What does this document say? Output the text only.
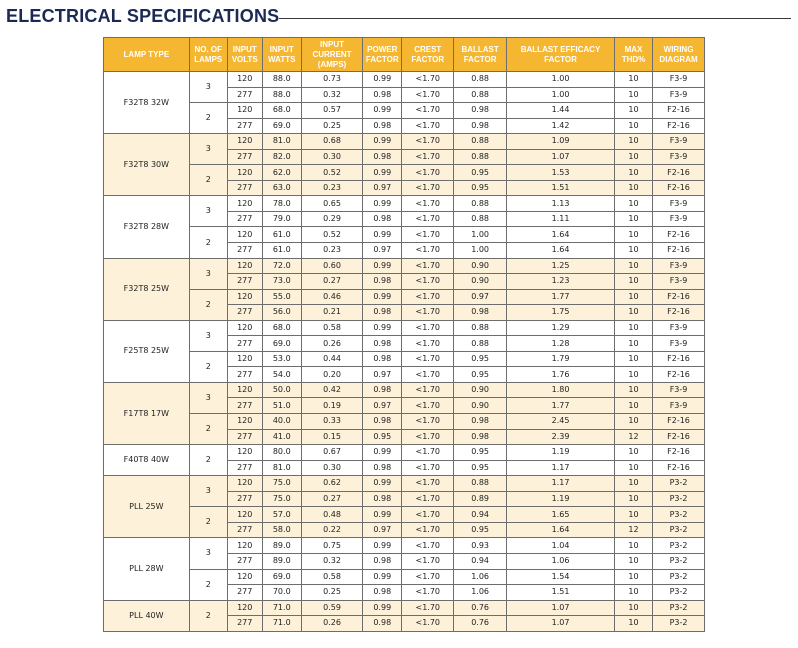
ELECTRICAL SPECIFICATIONS
LAMP TYPE	NO. OF LAMPS	INPUT VOLTS	INPUT WATTS	INPUT CURRENT (AMPS)	POWER FACTOR	CREST FACTOR	BALLAST FACTOR	BALLAST EFFICACY FACTOR	MAX THD%	WIRING DIAGRAM
F32T8 32W	3	120	88.0	0.73	0.99	<1.70	0.88	1.00	10	F3-9
		277	88.0	0.32	0.98	<1.70	0.88	1.00	10	F3-9
	2	120	68.0	0.57	0.99	<1.70	0.98	1.44	10	F2-16
		277	69.0	0.25	0.98	<1.70	0.98	1.42	10	F2-16
F32T8 30W	3	120	81.0	0.68	0.99	<1.70	0.88	1.09	10	F3-9
		277	82.0	0.30	0.98	<1.70	0.88	1.07	10	F3-9
	2	120	62.0	0.52	0.99	<1.70	0.95	1.53	10	F2-16
		277	63.0	0.23	0.97	<1.70	0.95	1.51	10	F2-16
F32T8 28W	3	120	78.0	0.65	0.99	<1.70	0.88	1.13	10	F3-9
		277	79.0	0.29	0.98	<1.70	0.88	1.11	10	F3-9
	2	120	61.0	0.52	0.99	<1.70	1.00	1.64	10	F2-16
		277	61.0	0.23	0.97	<1.70	1.00	1.64	10	F2-16
F32T8 25W	3	120	72.0	0.60	0.99	<1.70	0.90	1.25	10	F3-9
		277	73.0	0.27	0.98	<1.70	0.90	1.23	10	F3-9
	2	120	55.0	0.46	0.99	<1.70	0.97	1.77	10	F2-16
		277	56.0	0.21	0.98	<1.70	0.98	1.75	10	F2-16
F25T8 25W	3	120	68.0	0.58	0.99	<1.70	0.88	1.29	10	F3-9
		277	69.0	0.26	0.98	<1.70	0.88	1.28	10	F3-9
	2	120	53.0	0.44	0.98	<1.70	0.95	1.79	10	F2-16
		277	54.0	0.20	0.97	<1.70	0.95	1.76	10	F2-16
F17T8 17W	3	120	50.0	0.42	0.98	<1.70	0.90	1.80	10	F3-9
		277	51.0	0.19	0.97	<1.70	0.90	1.77	10	F3-9
	2	120	40.0	0.33	0.98	<1.70	0.98	2.45	10	F2-16
		277	41.0	0.15	0.95	<1.70	0.98	2.39	12	F2-16
F40T8 40W	2	120	80.0	0.67	0.99	<1.70	0.95	1.19	10	F2-16
		277	81.0	0.30	0.98	<1.70	0.95	1.17	10	F2-16
PLL 25W	3	120	75.0	0.62	0.99	<1.70	0.88	1.17	10	P3-2
		277	75.0	0.27	0.98	<1.70	0.89	1.19	10	P3-2
	2	120	57.0	0.48	0.99	<1.70	0.94	1.65	10	P3-2
		277	58.0	0.22	0.97	<1.70	0.95	1.64	12	P3-2
PLL 28W	3	120	89.0	0.75	0.99	<1.70	0.93	1.04	10	P3-2
		277	89.0	0.32	0.98	<1.70	0.94	1.06	10	P3-2
	2	120	69.0	0.58	0.99	<1.70	1.06	1.54	10	P3-2
		277	70.0	0.25	0.98	<1.70	1.06	1.51	10	P3-2
PLL 40W	2	120	71.0	0.59	0.99	<1.70	0.76	1.07	10	P3-2
		277	71.0	0.26	0.98	<1.70	0.76	1.07	10	P3-2
